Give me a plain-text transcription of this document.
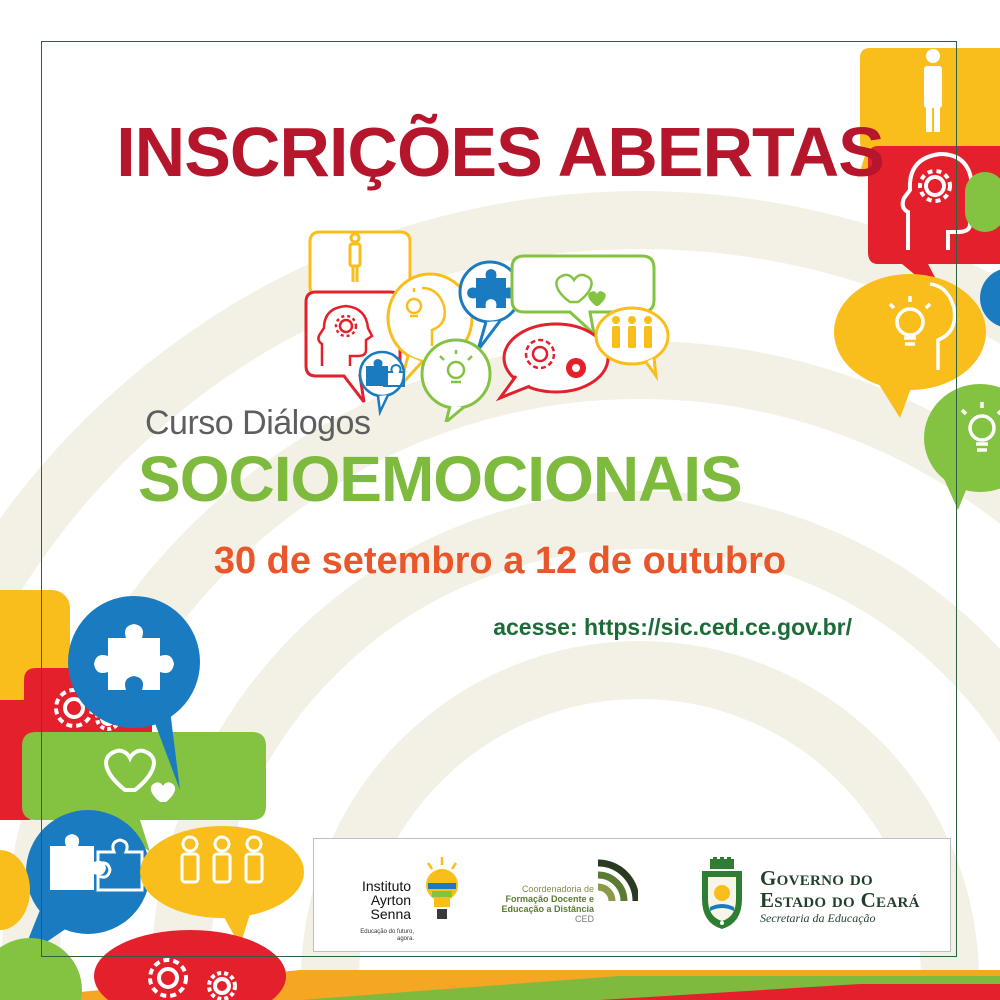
INSCRIÇÕES ABERTAS
Curso Diálogos
SOCIOEMOCIONAIS
30 de setembro a 12 de outubro
acesse: https://sic.ced.ce.gov.br/
Instituto
Ayrton
Senna
Educação do futuro,
agora.
Coordenadoria de
Formação Docente e
Educação a Distância
CED
Governo do
Estado do Ceará
Secretaria da Educação
